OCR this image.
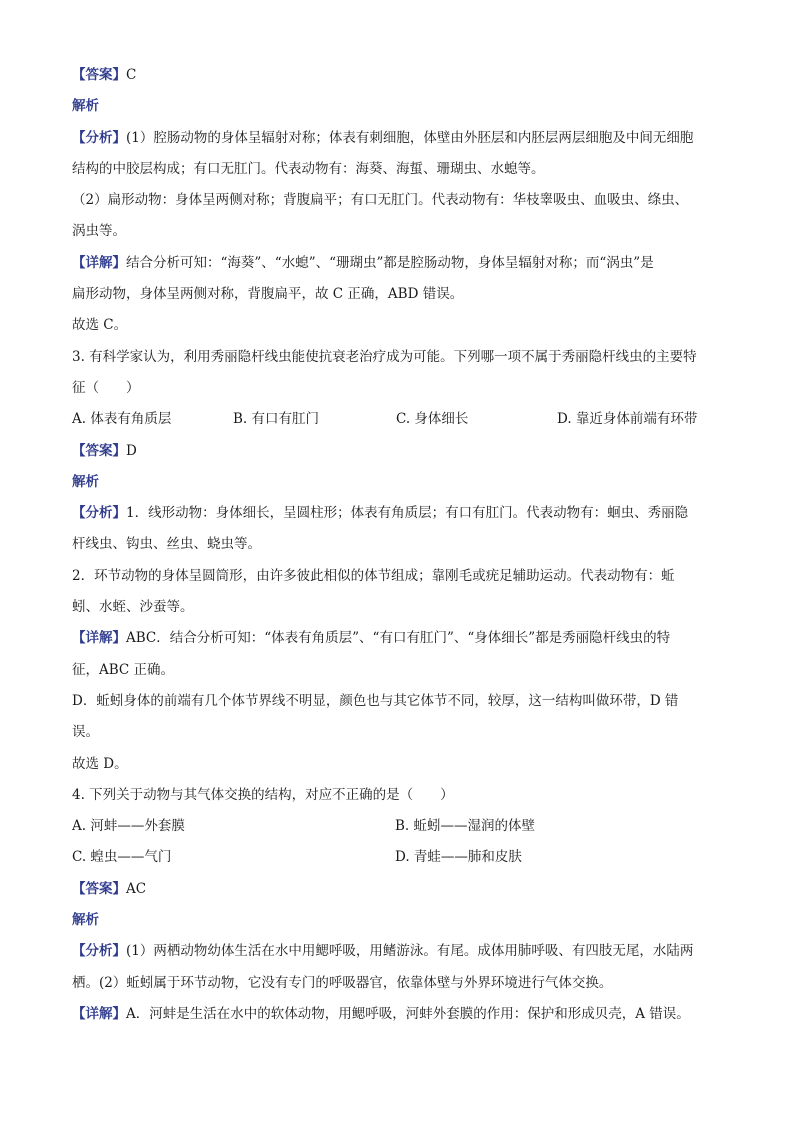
【答案】C
解析
【分析】(1）腔肠动物的身体呈辐射对称；体表有刺细胞，体壁由外胚层和内胚层两层细胞及中间无细胞
结构的中胶层构成；有口无肛门。代表动物有：海葵、海蜇、珊瑚虫、水螅等。
（2）扁形动物：身体呈两侧对称；背腹扁平；有口无肛门。代表动物有：华枝睾吸虫、血吸虫、绦虫、
涡虫等。
【详解】结合分析可知：“海葵”、“水螅”、“珊瑚虫”都是腔肠动物，身体呈辐射对称；而“涡虫”是
扁形动物，身体呈两侧对称，背腹扁平，故 C 正确，ABD 错误。
故选 C。
3. 有科学家认为，利用秀丽隐杆线虫能使抗衰老治疗成为可能。下列哪一项不属于秀丽隐杆线虫的主要特
征（　　）
A. 体表有角质层	B. 有口有肛门	C. 身体细长	D. 靠近身体前端有环带
【答案】D
解析
【分析】1．线形动物：身体细长，呈圆柱形；体表有角质层；有口有肛门。代表动物有：蛔虫、秀丽隐
杆线虫、钩虫、丝虫、蛲虫等。
2．环节动物的身体呈圆筒形，由许多彼此相似的体节组成；靠刚毛或疣足辅助运动。代表动物有：蚯
蚓、水蛭、沙蚕等。
【详解】ABC．结合分析可知：“体表有角质层”、“有口有肛门”、“身体细长”都是秀丽隐杆线虫的特
征，ABC 正确。
D．蚯蚓身体的前端有几个体节界线不明显，颜色也与其它体节不同，较厚，这一结构叫做环带，D 错
误。
故选 D。
4. 下列关于动物与其气体交换的结构，对应不正确的是（　　）
A. 河蚌——外套膜	B. 蚯蚓——湿润的体壁
C. 蝗虫——气门	D. 青蛙——肺和皮肤
【答案】AC
解析
【分析】(1）两栖动物幼体生活在水中用鳃呼吸，用鳍游泳。有尾。成体用肺呼吸、有四肢无尾，水陆两
栖。(2）蚯蚓属于环节动物，它没有专门的呼吸器官，依靠体壁与外界环境进行气体交换。
【详解】A．河蚌是生活在水中的软体动物，用鳃呼吸，河蚌外套膜的作用：保护和形成贝壳，A 错误。
